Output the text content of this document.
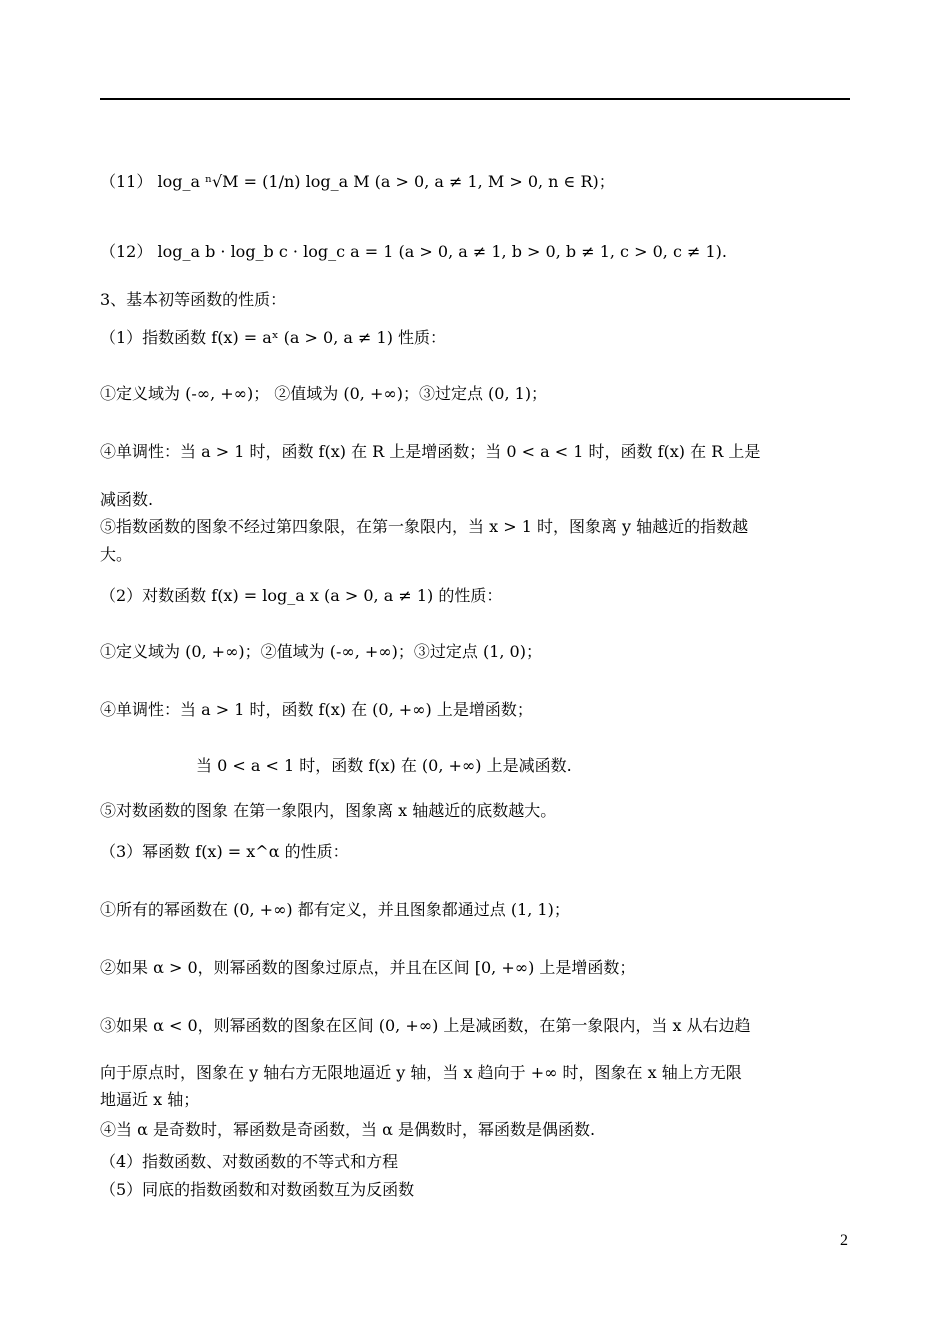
（11） log_a ⁿ√M = (1/n) log_a M (a > 0, a ≠ 1, M > 0, n ∈ R)；
（12） log_a b · log_b c · log_c a = 1 (a > 0, a ≠ 1, b > 0, b ≠ 1, c > 0, c ≠ 1).
3、基本初等函数的性质：
（1）指数函数 f(x) = aˣ (a > 0, a ≠ 1) 性质：
①定义域为 (-∞, +∞)； ②值域为 (0, +∞)；③过定点 (0, 1)；
④单调性：当 a > 1 时，函数 f(x) 在 R 上是增函数；当 0 < a < 1 时，函数 f(x) 在 R 上是
减函数.
⑤指数函数的图象不经过第四象限，在第一象限内，当 x > 1 时，图象离 y 轴越近的指数越
大。
（2）对数函数 f(x) = log_a x (a > 0, a ≠ 1) 的性质：
①定义域为 (0, +∞)；②值域为 (-∞, +∞)；③过定点 (1, 0)；
④单调性：当 a > 1 时，函数 f(x) 在 (0, +∞) 上是增函数；
当 0 < a < 1 时，函数 f(x) 在 (0, +∞) 上是减函数.
⑤对数函数的图象 在第一象限内，图象离 x 轴越近的底数越大。
（3）幂函数 f(x) = x^α 的性质：
①所有的幂函数在 (0, +∞) 都有定义，并且图象都通过点 (1, 1)；
②如果 α > 0，则幂函数的图象过原点，并且在区间 [0, +∞) 上是增函数；
③如果 α < 0，则幂函数的图象在区间 (0, +∞) 上是减函数，在第一象限内，当 x 从右边趋
向于原点时，图象在 y 轴右方无限地逼近 y 轴，当 x 趋向于 +∞ 时，图象在 x 轴上方无限
地逼近 x 轴；
④当 α 是奇数时，幂函数是奇函数，当 α 是偶数时，幂函数是偶函数.
（4）指数函数、对数函数的不等式和方程
（5）同底的指数函数和对数函数互为反函数
2
